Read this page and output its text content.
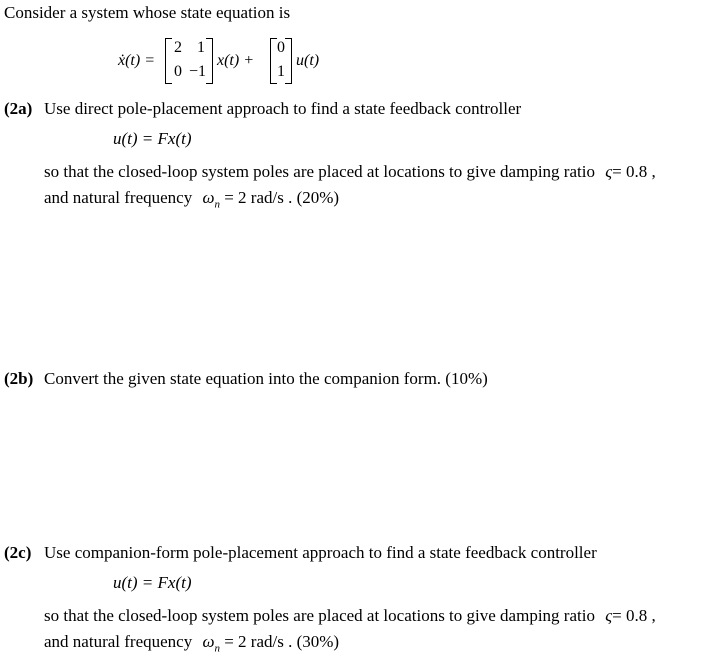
Consider a system whose state equation is
ẋ(t) =
2 1
0 −1
x(t) +
0
1
u(t)
(2a) Use direct pole-placement approach to find a state feedback controller
u(t) = Fx(t)
so that the closed-loop system poles are placed at locations to give damping ratio ς= 0.8 ,
and natural frequency $\omega_n = 2$ rad/s . (20%)
(2b) Convert the given state equation into the companion form. (10%)
(2c) Use companion-form pole-placement approach to find a state feedback controller
u(t) = Fx(t)
so that the closed-loop system poles are placed at locations to give damping ratio ς= 0.8 ,
and natural frequency $\omega_n = 2$ rad/s . (30%)
